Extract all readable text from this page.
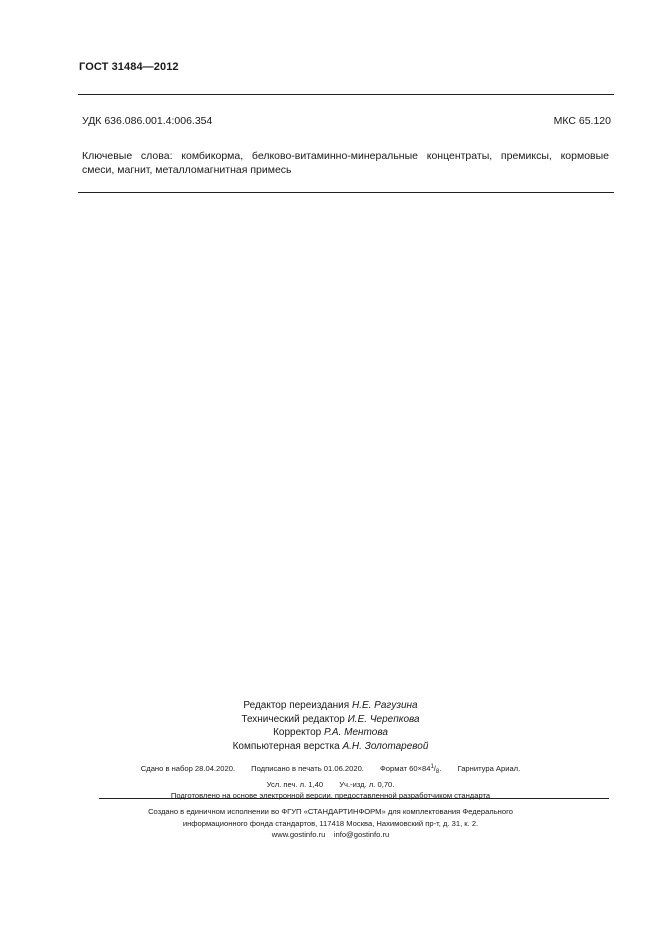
ГОСТ 31484—2012
УДК 636.086.001.4:006.354	МКС 65.120
Ключевые слова: комбикорма, белково-витаминно-минеральные концентраты, премиксы, кормовые
смеси, магнит, металломагнитная примесь
Редактор переиздания Н.Е. Рагузина
Технический редактор И.Е. Черепкова
Корректор Р.А. Ментова
Компьютерная верстка А.Н. Золотаревой
Сдано в набор 28.04.2020. Подписано в печать 01.06.2020. Формат $60\times 84^1/_8$. Гарнитура Ариал.
Усл. печ. л. 1,40 Уч.-изд. л. 0,70.
Подготовлено на основе электронной версии, предоставленной разработчиком стандарта
Создано в единичном исполнении во ФГУП «СТАНДАРТИНФОРМ» для комплектования Федерального
информационного фонда стандартов, 117418 Москва, Нахимовский пр-т, д. 31, к. 2.
www.gostinfo.ru info@gostinfo.ru
